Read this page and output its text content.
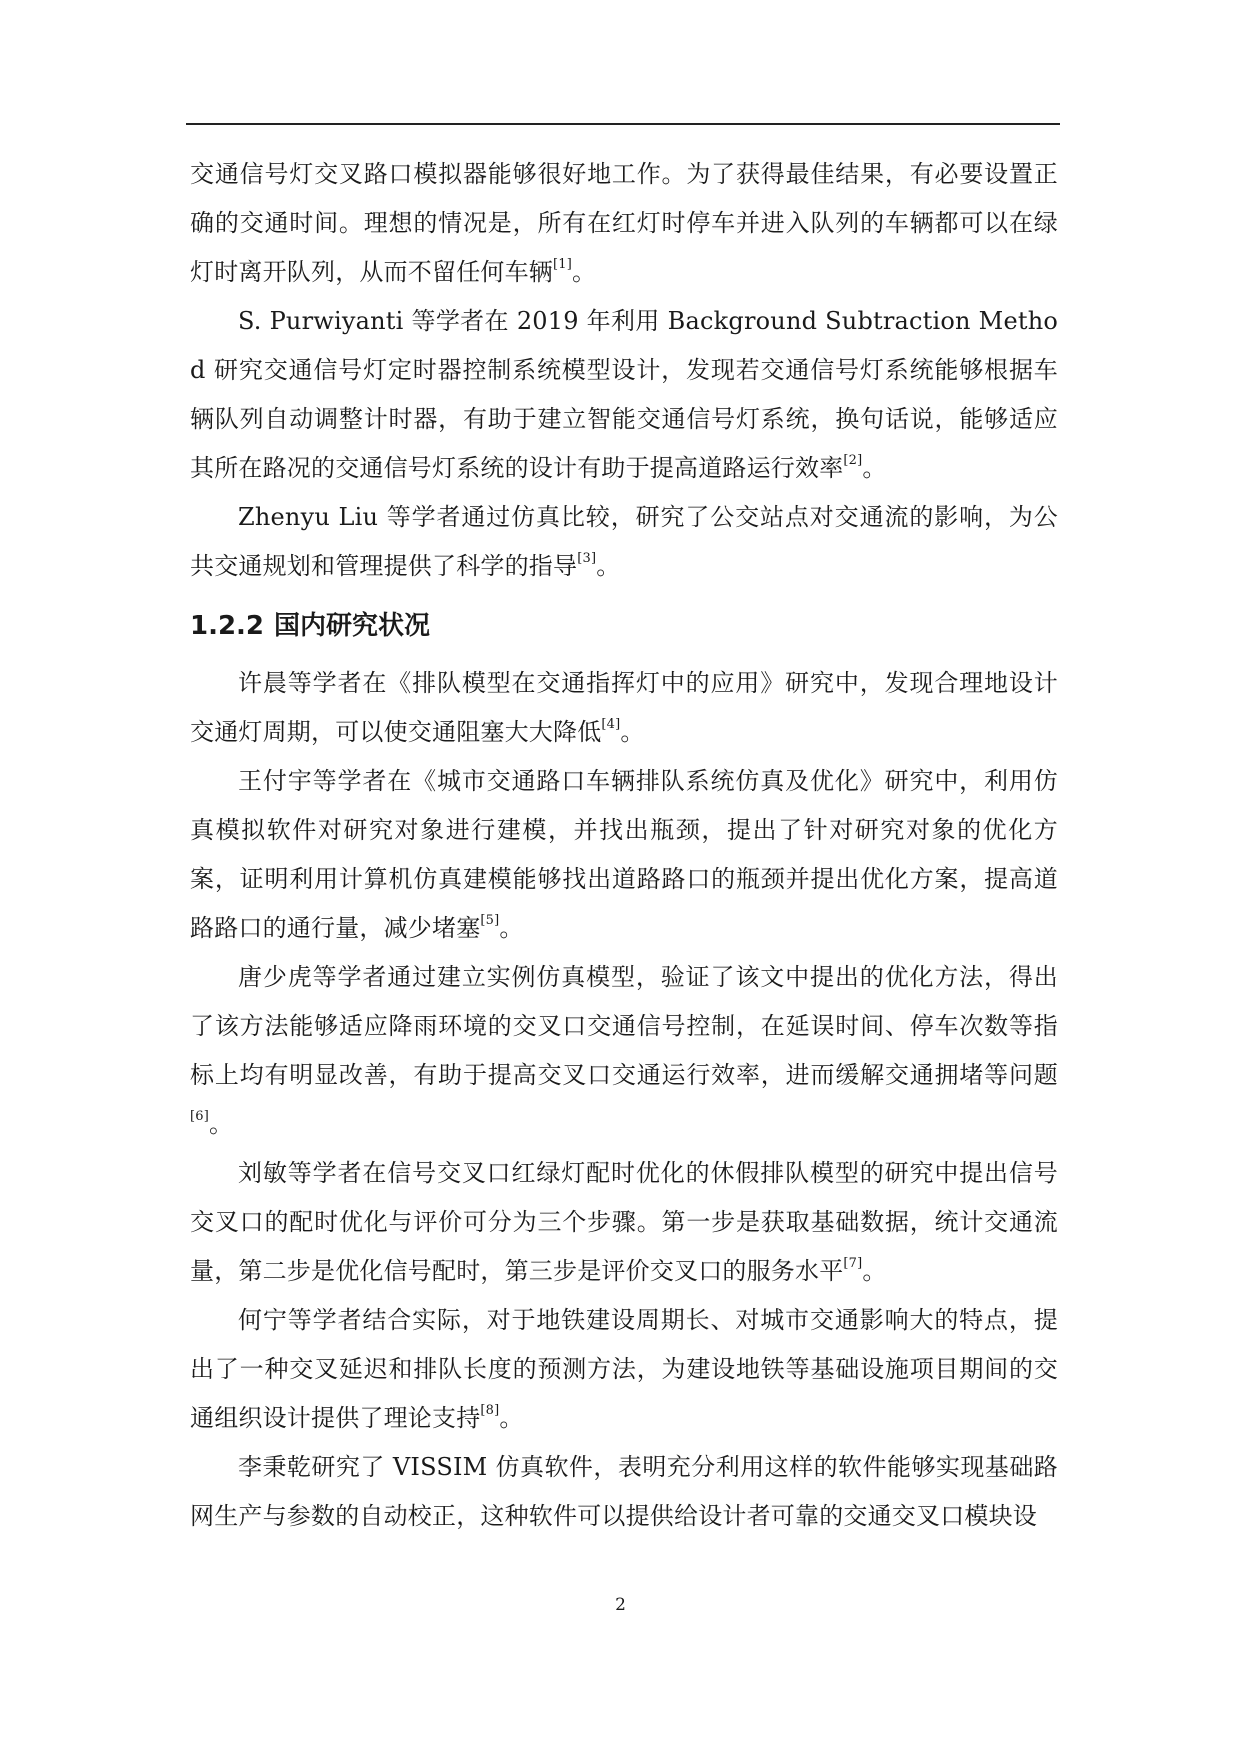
交通信号灯交叉路口模拟器能够很好地工作。为了获得最佳结果，有必要设置正确的交通时间。理想的情况是，所有在红灯时停车并进入队列的车辆都可以在绿灯时离开队列，从而不留任何车辆[1]。

S. Purwiyanti 等学者在 2019 年利用 Background Subtraction Method 研究交通信号灯定时器控制系统模型设计，发现若交通信号灯系统能够根据车辆队列自动调整计时器，有助于建立智能交通信号灯系统，换句话说，能够适应其所在路况的交通信号灯系统的设计有助于提高道路运行效率[2]。

Zhenyu Liu 等学者通过仿真比较，研究了公交站点对交通流的影响，为公共交通规划和管理提供了科学的指导[3]。

1.2.2 国内研究状况

许晨等学者在《排队模型在交通指挥灯中的应用》研究中，发现合理地设计交通灯周期，可以使交通阻塞大大降低[4]。

王付宇等学者在《城市交通路口车辆排队系统仿真及优化》研究中，利用仿真模拟软件对研究对象进行建模，并找出瓶颈，提出了针对研究对象的优化方案，证明利用计算机仿真建模能够找出道路路口的瓶颈并提出优化方案，提高道路路口的通行量，减少堵塞[5]。

唐少虎等学者通过建立实例仿真模型，验证了该文中提出的优化方法，得出了该方法能够适应降雨环境的交叉口交通信号控制，在延误时间、停车次数等指标上均有明显改善，有助于提高交叉口交通运行效率，进而缓解交通拥堵等问题[6]。

刘敏等学者在信号交叉口红绿灯配时优化的休假排队模型的研究中提出信号交叉口的配时优化与评价可分为三个步骤。第一步是获取基础数据，统计交通流量，第二步是优化信号配时，第三步是评价交叉口的服务水平[7]。

何宁等学者结合实际，对于地铁建设周期长、对城市交通影响大的特点，提出了一种交叉延迟和排队长度的预测方法，为建设地铁等基础设施项目期间的交通组织设计提供了理论支持[8]。

李秉乾研究了 VISSIM 仿真软件，表明充分利用这样的软件能够实现基础路网生产与参数的自动校正，这种软件可以提供给设计者可靠的交通交叉口模块设

2
